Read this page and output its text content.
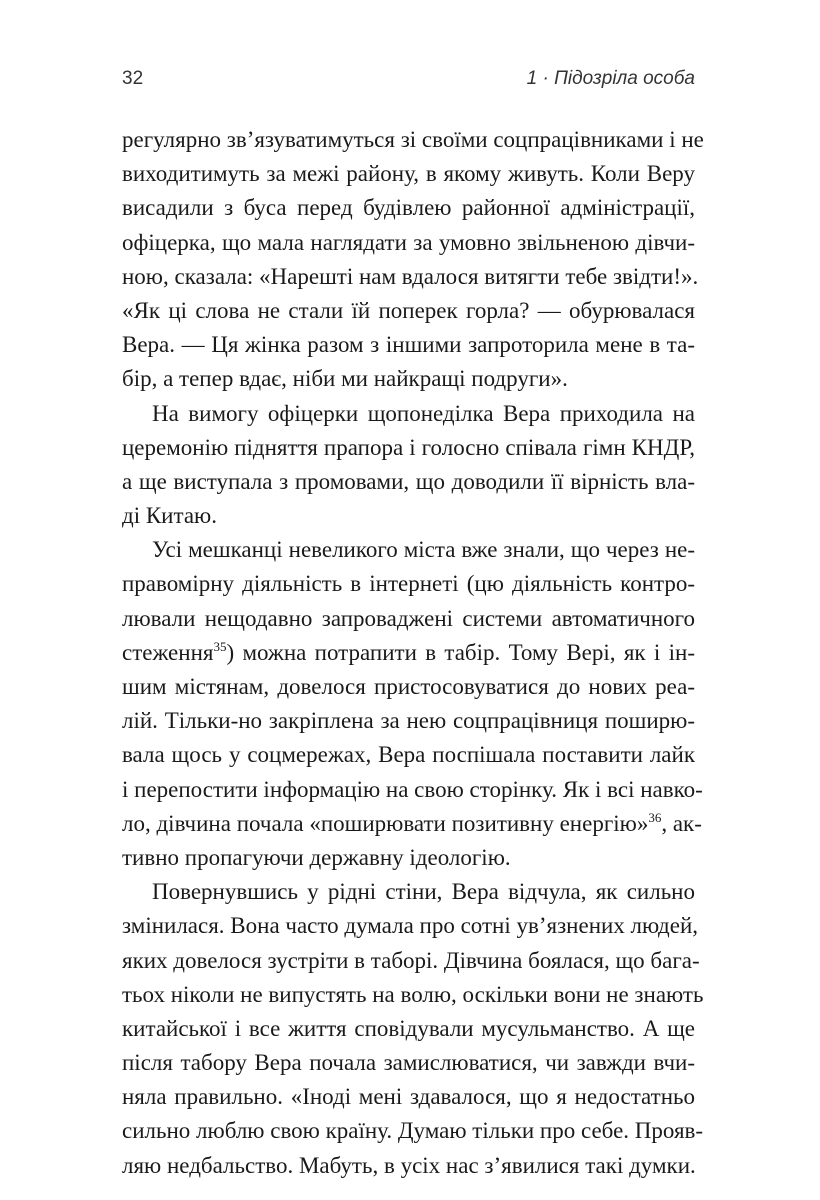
32	1 · Підозріла особа
регулярно зв’язуватимуться зі своїми соцпрацівниками і не
виходитимуть за межі району, в якому живуть. Коли Веру
висадили з буса перед будівлею районної адміністрації,
офіцерка, що мала наглядати за умовно звільненою дівчи-
ною, сказала: «Нарешті нам вдалося витягти тебе звідти!».
«Як ці слова не стали їй поперек горла? — обурювалася
Вера. — Ця жінка разом з іншими запроторила мене в та-
бір, а тепер вдає, ніби ми найкращі подруги».
На вимогу офіцерки щопонеділка Вера приходила на
церемонію підняття прапора і голосно співала гімн КНДР,
а ще виступала з промовами, що доводили її вірність вла-
ді Китаю.
Усі мешканці невеликого міста вже знали, що через не-
правомірну діяльність в інтернеті (цю діяльність контро-
лювали нещодавно запроваджені системи автоматичного
стеження$^{35}$) можна потрапити в табір. Тому Вері, як і ін-
шим містянам, довелося пристосовуватися до нових реа-
лій. Тільки-но закріплена за нею соцпрацівниця поширю-
вала щось у соцмережах, Вера поспішала поставити лайк
і перепостити інформацію на свою сторінку. Як і всі навко-
ло, дівчина почала «поширювати позитивну енергію»$^{36}$, ак-
тивно пропагуючи державну ідеологію.
Повернувшись у рідні стіни, Вера відчула, як сильно
змінилася. Вона часто думала про сотні ув’язнених людей,
яких довелося зустріти в таборі. Дівчина боялася, що бага-
тьох ніколи не випустять на волю, оскільки вони не знають
китайської і все життя сповідували мусульманство. А ще
після табору Вера почала замислюватися, чи завжди вчи-
няла правильно. «Іноді мені здавалося, що я недостатньо
сильно люблю свою країну. Думаю тільки про себе. Прояв-
ляю недбальство. Мабуть, в усіх нас з’явилися такі думки.
